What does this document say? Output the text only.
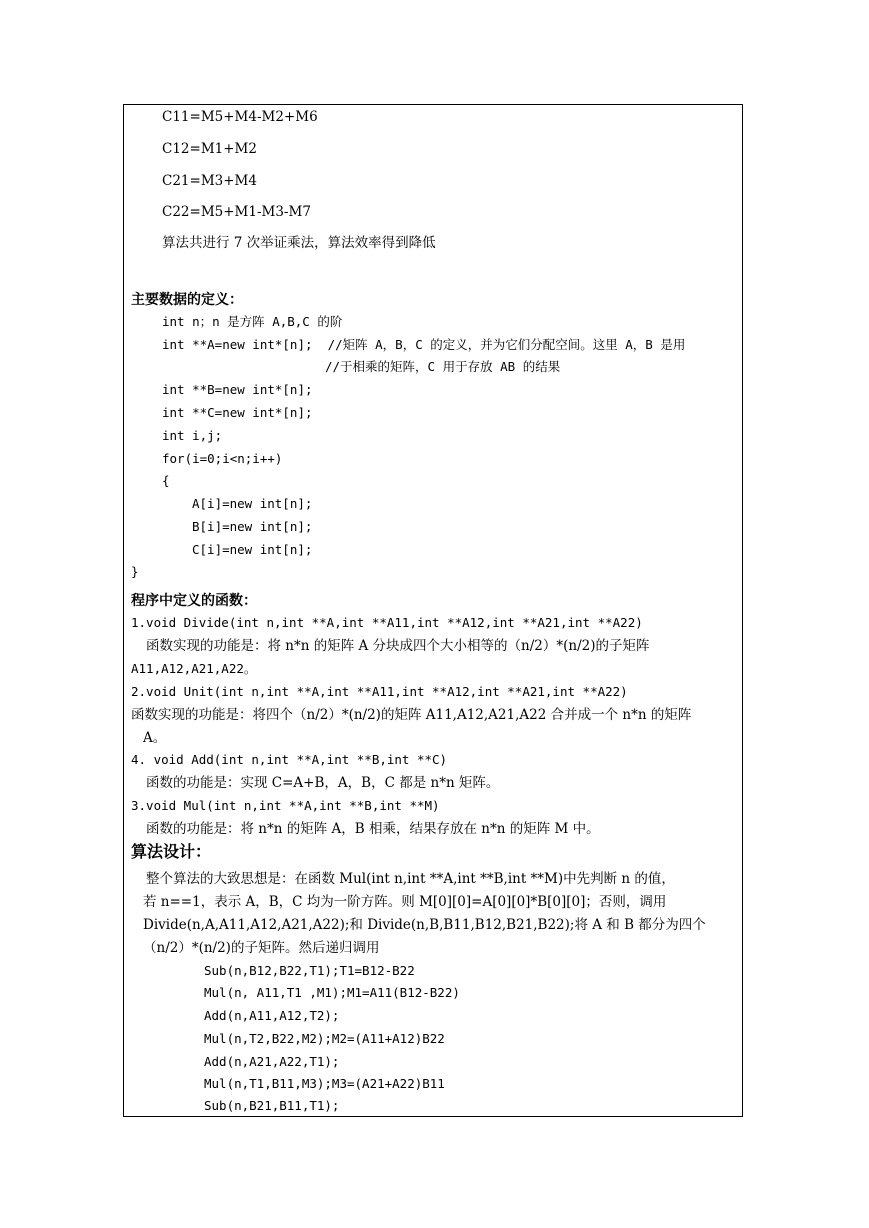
C11=M5+M4-M2+M6
C12=M1+M2
C21=M3+M4
C22=M5+M1-M3-M7
算法共进行 7 次举证乘法，算法效率得到降低
主要数据的定义：
int n；n 是方阵 A,B,C 的阶
int **A=new int*[n];  //矩阵 A，B，C 的定义，并为它们分配空间。这里 A，B 是用
//于相乘的矩阵，C 用于存放 AB 的结果
int **B=new int*[n];
int **C=new int*[n];
int i,j;
for(i=0;i<n;i++)
{
A[i]=new int[n];
B[i]=new int[n];
C[i]=new int[n];
}
程序中定义的函数：
1.void Divide(int n,int **A,int **A11,int **A12,int **A21,int **A22)
函数实现的功能是：将 n*n 的矩阵 A 分块成四个大小相等的（n/2）*(n/2)的子矩阵
A11,A12,A21,A22。
2.void Unit(int n,int **A,int **A11,int **A12,int **A21,int **A22)
函数实现的功能是：将四个（n/2）*(n/2)的矩阵 A11,A12,A21,A22 合并成一个 n*n 的矩阵
A。
4. void Add(int n,int **A,int **B,int **C)
函数的功能是：实现 C=A+B，A，B，C 都是 n*n 矩阵。
3.void Mul(int n,int **A,int **B,int **M)
函数的功能是：将 n*n 的矩阵 A，B 相乘，结果存放在 n*n 的矩阵 M 中。
算法设计：
整个算法的大致思想是：在函数 Mul(int n,int **A,int **B,int **M)中先判断 n 的值，
若 n==1，表示 A，B，C 均为一阶方阵。则 M[0][0]=A[0][0]*B[0][0]；否则，调用
Divide(n,A,A11,A12,A21,A22);和 Divide(n,B,B11,B12,B21,B22);将 A 和 B 都分为四个
（n/2）*(n/2)的子矩阵。然后递归调用
Sub(n,B12,B22,T1);T1=B12-B22
Mul(n, A11,T1 ,M1);M1=A11(B12-B22)
Add(n,A11,A12,T2);
Mul(n,T2,B22,M2);M2=(A11+A12)B22
Add(n,A21,A22,T1);
Mul(n,T1,B11,M3);M3=(A21+A22)B11
Sub(n,B21,B11,T1);
